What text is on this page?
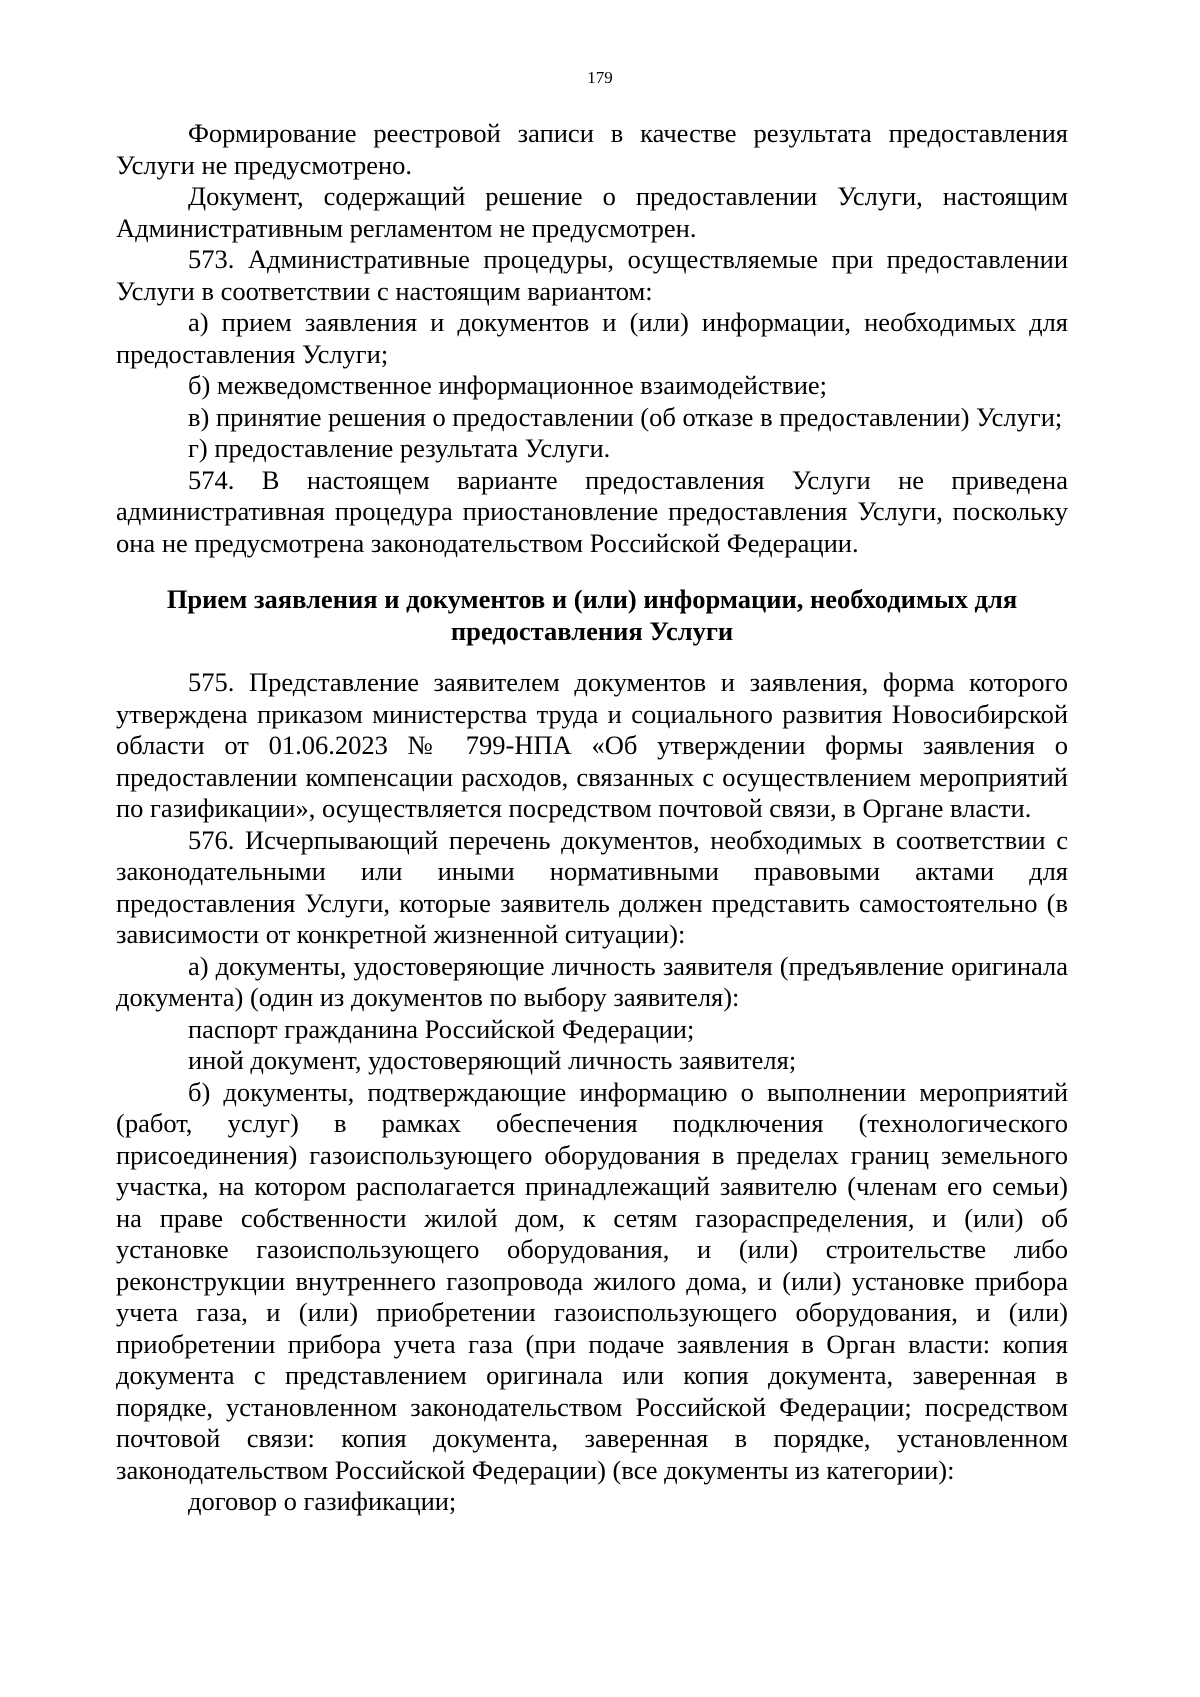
179

Формирование реестровой записи в качестве результата предоставления Услуги не предусмотрено.

Документ, содержащий решение о предоставлении Услуги, настоящим Административным регламентом не предусмотрен.

573. Административные процедуры, осуществляемые при предоставлении Услуги в соответствии с настоящим вариантом:

а) прием заявления и документов и (или) информации, необходимых для предоставления Услуги;

б) межведомственное информационное взаимодействие;

в) принятие решения о предоставлении (об отказе в предоставлении) Услуги;

г) предоставление результата Услуги.

574. В настоящем варианте предоставления Услуги не приведена административная процедура приостановление предоставления Услуги, поскольку она не предусмотрена законодательством Российской Федерации.

Прием заявления и документов и (или) информации, необходимых для
предоставления Услуги

575. Представление заявителем документов и заявления, форма которого утверждена приказом министерства труда и социального развития Новосибирской области от 01.06.2023 № 799-НПА «Об утверждении формы заявления о предоставлении компенсации расходов, связанных с осуществлением мероприятий по газификации», осуществляется посредством почтовой связи, в Органе власти.

576. Исчерпывающий перечень документов, необходимых в соответствии с законодательными или иными нормативными правовыми актами для предоставления Услуги, которые заявитель должен представить самостоятельно (в зависимости от конкретной жизненной ситуации):

а) документы, удостоверяющие личность заявителя (предъявление оригинала документа) (один из документов по выбору заявителя):

паспорт гражданина Российской Федерации;

иной документ, удостоверяющий личность заявителя;

б) документы, подтверждающие информацию о выполнении мероприятий (работ, услуг) в рамках обеспечения подключения (технологического присоединения) газоиспользующего оборудования в пределах границ земельного участка, на котором располагается принадлежащий заявителю (членам его семьи) на праве собственности жилой дом, к сетям газораспределения, и (или) об установке газоиспользующего оборудования, и (или) строительстве либо реконструкции внутреннего газопровода жилого дома, и (или) установке прибора учета газа, и (или) приобретении газоиспользующего оборудования, и (или) приобретении прибора учета газа (при подаче заявления в Орган власти: копия документа с представлением оригинала или копия документа, заверенная в порядке, установленном законодательством Российской Федерации; посредством почтовой связи: копия документа, заверенная в порядке, установленном законодательством Российской Федерации) (все документы из категории):

договор о газификации;
